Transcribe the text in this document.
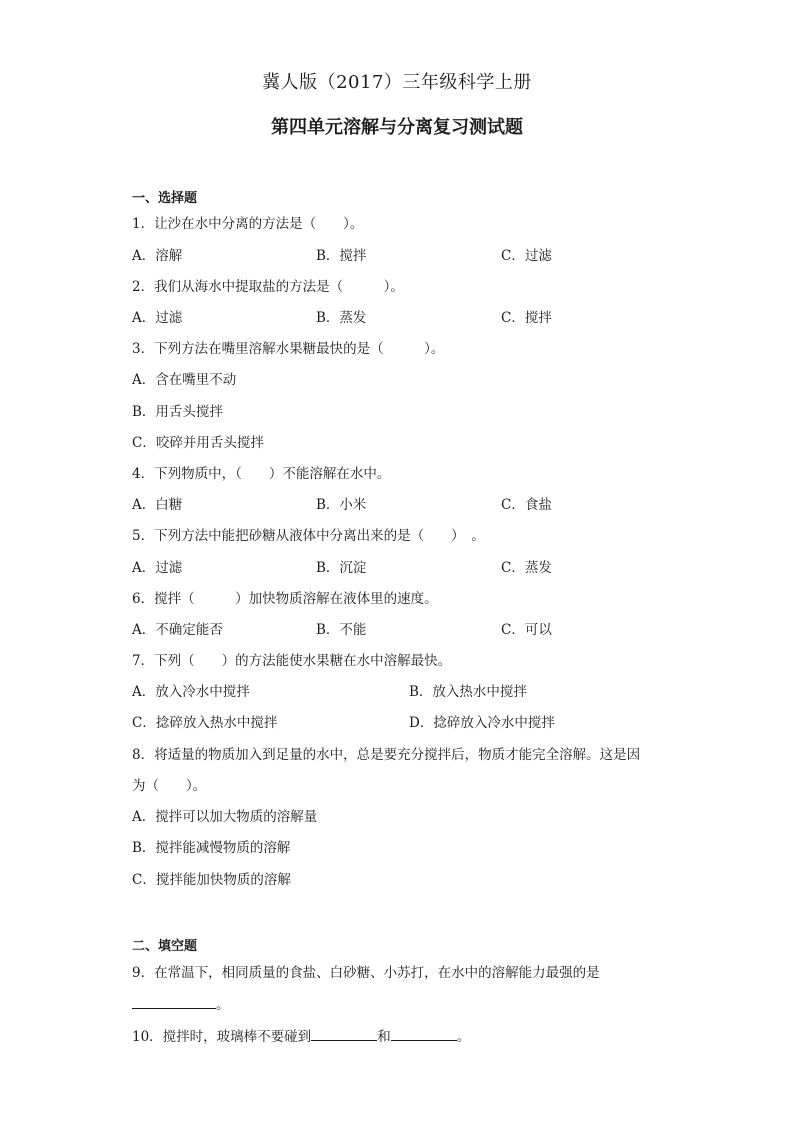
冀人版（2017）三年级科学上册
第四单元溶解与分离复习测试题
一、选择题
1．让沙在水中分离的方法是（　　）。
A．溶解	B．搅拌	C．过滤
2．我们从海水中提取盐的方法是（　　　）。
A．过滤	B．蒸发	C．搅拌
3．下列方法在嘴里溶解水果糖最快的是（　　　）。
A．含在嘴里不动
B．用舌头搅拌
C．咬碎并用舌头搅拌
4．下列物质中，（　　）不能溶解在水中。
A．白糖	B．小米	C．食盐
5．下列方法中能把砂糖从液体中分离出来的是（　　）　。
A．过滤	B．沉淀	C．蒸发
6．搅拌（　　　）加快物质溶解在液体里的速度。
A．不确定能否	B．不能	C．可以
7．下列（　　）的方法能使水果糖在水中溶解最快。
A．放入冷水中搅拌	B．放入热水中搅拌
C．捻碎放入热水中搅拌	D．捻碎放入冷水中搅拌
8．将适量的物质加入到足量的水中，总是要充分搅拌后，物质才能完全溶解。这是因
为（　　）。
A．搅拌可以加大物质的溶解量
B．搅拌能减慢物质的溶解
C．搅拌能加快物质的溶解
二、填空题
9．在常温下，相同质量的食盐、白砂糖、小苏打，在水中的溶解能力最强的是
。
10．搅拌时，玻璃棒不要碰到	和	。
